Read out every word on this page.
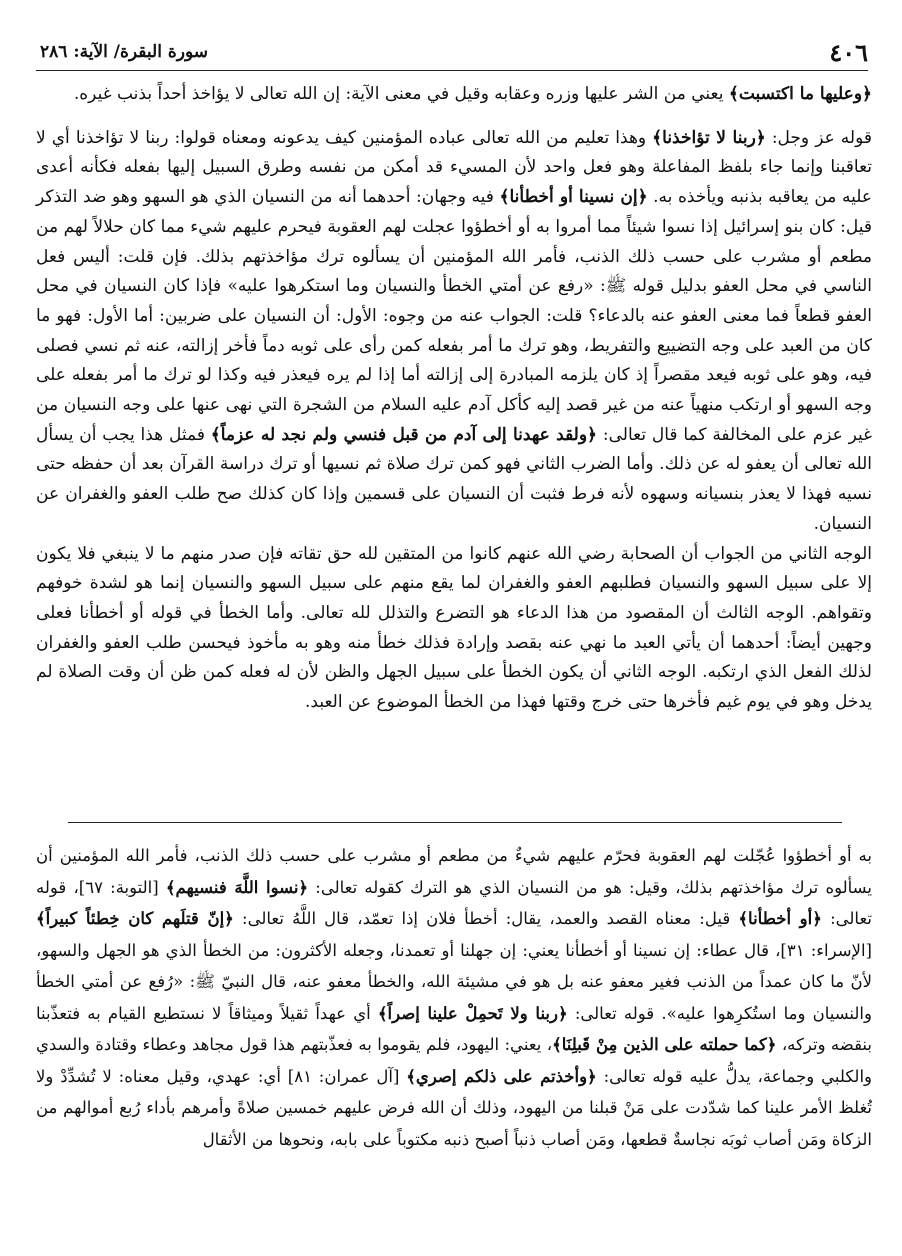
٤٠٦
سورة البقرة/ الآية: ٢٨٦

﴿وعليها ما اكتسبت﴾ يعني من الشر عليها وزره وعقابه وقيل في معنى الآية: إن الله تعالى لا يؤاخذ أحداً بذنب غيره.

قوله عز وجل: ﴿ربنا لا تؤاخذنا﴾ وهذا تعليم من الله تعالى عباده المؤمنين كيف يدعونه ومعناه قولوا: ربنا لا تؤاخذنا أي لا تعاقبنا وإنما جاء بلفظ المفاعلة وهو فعل واحد لأن المسيء قد أمكن من نفسه وطرق السبيل إليها بفعله فكأنه أعدى عليه من يعاقبه بذنبه ويأخذه به. ﴿إن نسينا أو أخطأنا﴾ فيه وجهان: أحدهما أنه من النسيان الذي هو السهو وهو ضد التذكر قيل: كان بنو إسرائيل إذا نسوا شيئاً مما أمروا به أو أخطؤوا عجلت لهم العقوبة فيحرم عليهم شيء مما كان حلالاً لهم من مطعم أو مشرب على حسب ذلك الذنب، فأمر الله المؤمنين أن يسألوه ترك مؤاخذتهم بذلك. فإن قلت: أليس فعل الناسي في محل العفو بدليل قوله ﷺ: «رفع عن أمتي الخطأ والنسيان وما استكرهوا عليه» فإذا كان النسيان في محل العفو قطعاً فما معنى العفو عنه بالدعاء؟ قلت: الجواب عنه من وجوه: الأول: أن النسيان على ضربين: أما الأول: فهو ما كان من العبد على وجه التضييع والتفريط، وهو ترك ما أمر بفعله كمن رأى على ثوبه دماً فأخر إزالته، عنه ثم نسي فصلى فيه، وهو على ثوبه فيعد مقصراً إذ كان يلزمه المبادرة إلى إزالته أما إذا لم يره فيعذر فيه وكذا لو ترك ما أمر بفعله على وجه السهو أو ارتكب منهياً عنه من غير قصد إليه كأكل آدم عليه السلام من الشجرة التي نهى عنها على وجه النسيان من غير عزم على المخالفة كما قال تعالى: ﴿ولقد عهدنا إلى آدم من قبل فنسي ولم نجد له عزماً﴾ فمثل هذا يجب أن يسأل الله تعالى أن يعفو له عن ذلك. وأما الضرب الثاني فهو كمن ترك صلاة ثم نسيها أو ترك دراسة القرآن بعد أن حفظه حتى نسيه فهذا لا يعذر بنسيانه وسهوه لأنه فرط فثبت أن النسيان على قسمين وإذا كان كذلك صح طلب العفو والغفران عن النسيان.

الوجه الثاني من الجواب أن الصحابة رضي الله عنهم كانوا من المتقين لله حق تقاته فإن صدر منهم ما لا ينبغي فلا يكون إلا على سبيل السهو والنسيان فطلبهم العفو والغفران لما يقع منهم على سبيل السهو والنسيان إنما هو لشدة خوفهم وتقواهم. الوجه الثالث أن المقصود من هذا الدعاء هو التضرع والتذلل لله تعالى. وأما الخطأ في قوله أو أخطأنا فعلى وجهين أيضاً: أحدهما أن يأتي العبد ما نهي عنه بقصد وإرادة فذلك خطأ منه وهو به مأخوذ فيحسن طلب العفو والغفران لذلك الفعل الذي ارتكبه. الوجه الثاني أن يكون الخطأ على سبيل الجهل والظن لأن له فعله كمن ظن أن وقت الصلاة لم يدخل وهو في يوم غيم فأخرها حتى خرج وقتها فهذا من الخطأ الموضوع عن العبد.

به أو أخطؤوا عُجّلت لهم العقوبة فحرّم عليهم شيءٌ من مطعم أو مشرب على حسب ذلك الذنب، فأمر الله المؤمنين أن يسألوه ترك مؤاخذتهم بذلك، وقيل: هو من النسيان الذي هو الترك كقوله تعالى: ﴿نسوا اللَّهَ فنسيهم﴾ [التوبة: ٦٧]، قوله تعالى: ﴿أو أخطأنا﴾ قيل: معناه القصد والعمد، يقال: أخطأ فلان إذا تعمّد، قال اللَّهُ تعالى: ﴿إنّ قتلَهم كان خِطئاً كبيراً﴾ [الإسراء: ٣١]، قال عطاء: إن نسينا أو أخطأنا يعني: إن جهلنا أو تعمدنا، وجعله الأكثرون: من الخطأ الذي هو الجهل والسهو، لأنّ ما كان عمداً من الذنب فغير معفو عنه بل هو في مشيئة الله، والخطأ معفو عنه، قال النبيّ ﷺ: «رُفع عن أمتي الخطأ والنسيان وما استُكرِهوا عليه». قوله تعالى: ﴿ربنا ولا تَحمِلْ علينا إصراً﴾ أي عهداً ثقيلاً وميثاقاً لا نستطيع القيام به فتعذّبنا بنقضه وتركه، ﴿كما حملته على الذين مِنْ قَبلِنَا﴾، يعني: اليهود، فلم يقوموا به فعذّبتهم هذا قول مجاهد وعطاء وقتادة والسدي والكلبي وجماعة، يدلُّ عليه قوله تعالى: ﴿وأخذتم على ذلكم إصري﴾ [آل عمران: ٨١] أي: عهدي، وقيل معناه: لا تُشدِّدْ ولا تُغلظ الأمر علينا كما شدّدت على مَنْ قبلنا من اليهود، وذلك أن الله فرض عليهم خمسين صلاةً وأمرهم بأداء رُبع أموالهم من الزكاة ومَن أصاب ثوبَه نجاسةٌ قطعها، ومَن أصاب ذنباً أصبح ذنبه مكتوباً على بابه، ونحوها من الأثقال
